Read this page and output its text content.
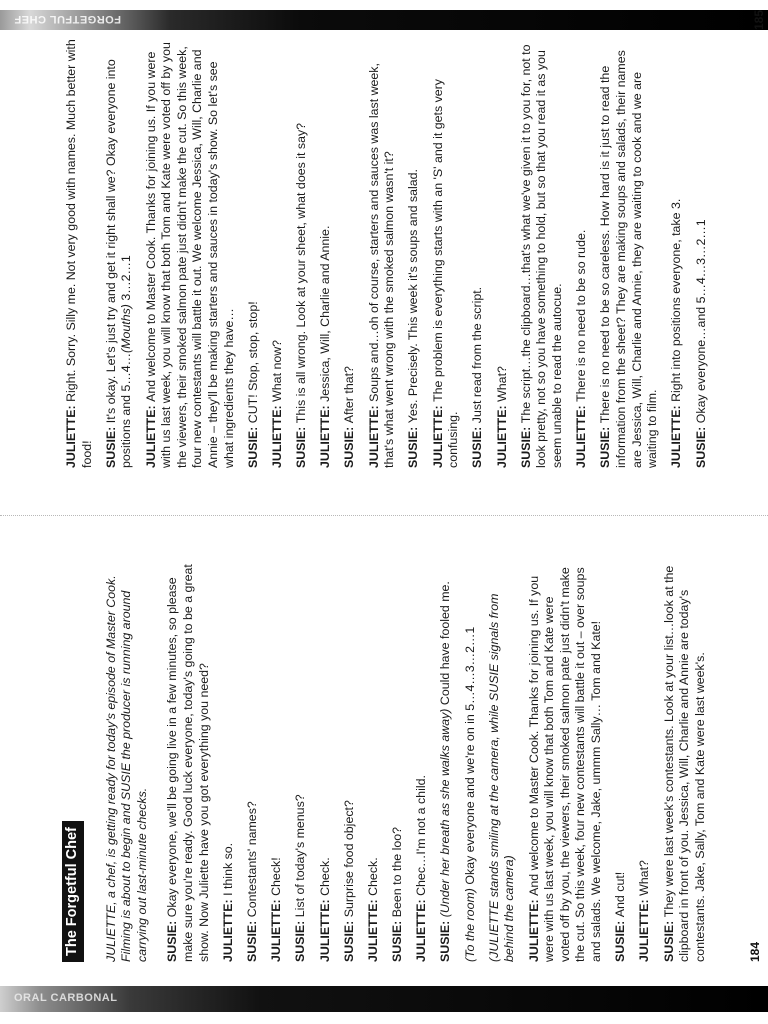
FORGETFUL CHEF
The Forgetful Chef JULIETTE, a chef, is getting ready for today's episode of Master Cook. Filming is about to begin and SUSIE the producer is running around carrying out last-minute checks. SUSIE: Okay everyone, we'll be going live in a few minutes, so please make sure you're ready. Good luck everyone, today's going to be a great show. Now Juliette have you got everything you need? JULIETTE: I think so.

SUSIE: Contestants' names?

JULIETTE: Check!

SUSIE: List of today's menus?

JULIETTE: Check.

SUSIE: Surprise food object?

JULIETTE: Check.

SUSIE: Been to the loo?

JULIETTE: Chec…I'm not a child.

SUSIE: (Under her breath as she walks away) Could have fooled me.

(To the room) Okay everyone and we're on in 5…4…3…2…1 (JULIETTE stands smiling at the camera, while SUSIE signals from behind the camera) JULIETTE: And welcome to Master Cook. Thanks for joining us. If you were with us last week, you will know that both Tom and Kate were voted off by you, the viewers, their smoked salmon pate just didn't make the cut. So this week, four new contestants will battle it out – over soups and salads. We welcome, Jake, ummm Sally… Tom and Kate! SUSIE: And cut!

JULIETTE: What?

SUSIE: They were last week's contestants. Look at your list…look at the clipboard in front of you. Jessica, Will, Charlie and Annie are today's contestants. Jake, Sally, Tom and Kate were last week's.	184

JULIETTE: Right. Sorry. Silly me. Not very good with names. Much better with food! SUSIE: It's okay. Let's just try and get it right shall we? Okay everyone into positions and 5…4…(Mouths) 3…2…1

JULIETTE: And welcome to Master Cook. Thanks for joining us. If you were with us last week, you will know that both Tom and Kate were voted off by you the viewers, their smoked salmon pate just didn't make the cut. So this week, four new contestants will battle it out. We welcome Jessica, Will, Charlie and Annie – they'll be making starters and sauces in today's show. So let's see what ingredients they have… SUSIE: CUT! Stop, stop, stop!

JULIETTE: What now?

SUSIE: This is all wrong. Look at your sheet, what does it say?

JULIETTE: Jessica, Will, Charlie and Annie.

SUSIE: After that?

JULIETTE: Soups and…oh of course, starters and sauces was last week, that's what went wrong with the smoked salmon wasn't it? SUSIE: Yes. Precisely. This week it's soups and salad.

JULIETTE: The problem is everything starts with an 'S' and it gets very confusing. SUSIE: Just read from the script.

JULIETTE: What?

SUSIE: The script…the clipboard…that's what we've given it to you for, not to look pretty, not so you have something to hold, but so that you read it as you seem unable to read the autocue. JULIETTE: There is no need to be so rude.

SUSIE: There is no need to be so careless. How hard is it just to read the information from the sheet? They are making soups and salads, their names are Jessica, Will, Charlie and Annie, they are waiting to cook and we are waiting to film. JULIETTE: Right into positions everyone, take 3.

SUSIE: Okay everyone…and 5…4…3…2…1

185
ORAL CARBONAL
